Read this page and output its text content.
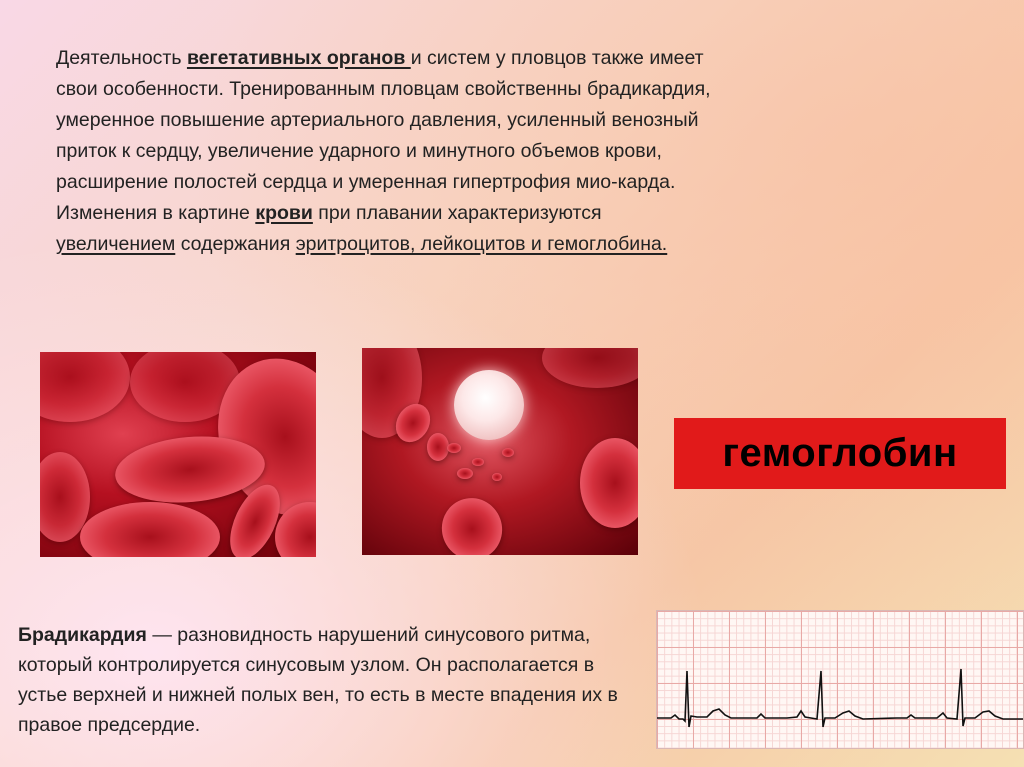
Деятельность вегетативных органов и систем у пловцов также имеет свои особенности. Тренированным пловцам свойственны брадикардия, умеренное повышение артериального давления, усиленный венозный приток к сердцу, увеличение ударного и минутного объемов крови, расширение полостей сердца и умеренная гипертрофия мио-карда.
Изменения в картине крови при плавании характеризуются увеличением содержания эритроцитов, лейкоцитов и гемоглобина.

гемоглобин

Брадикардия — разновидность нарушений синусового ритма, который контролируется синусовым узлом. Он располагается в устье верхней и нижней полых вен, то есть в месте впадения их в правое предсердие.
